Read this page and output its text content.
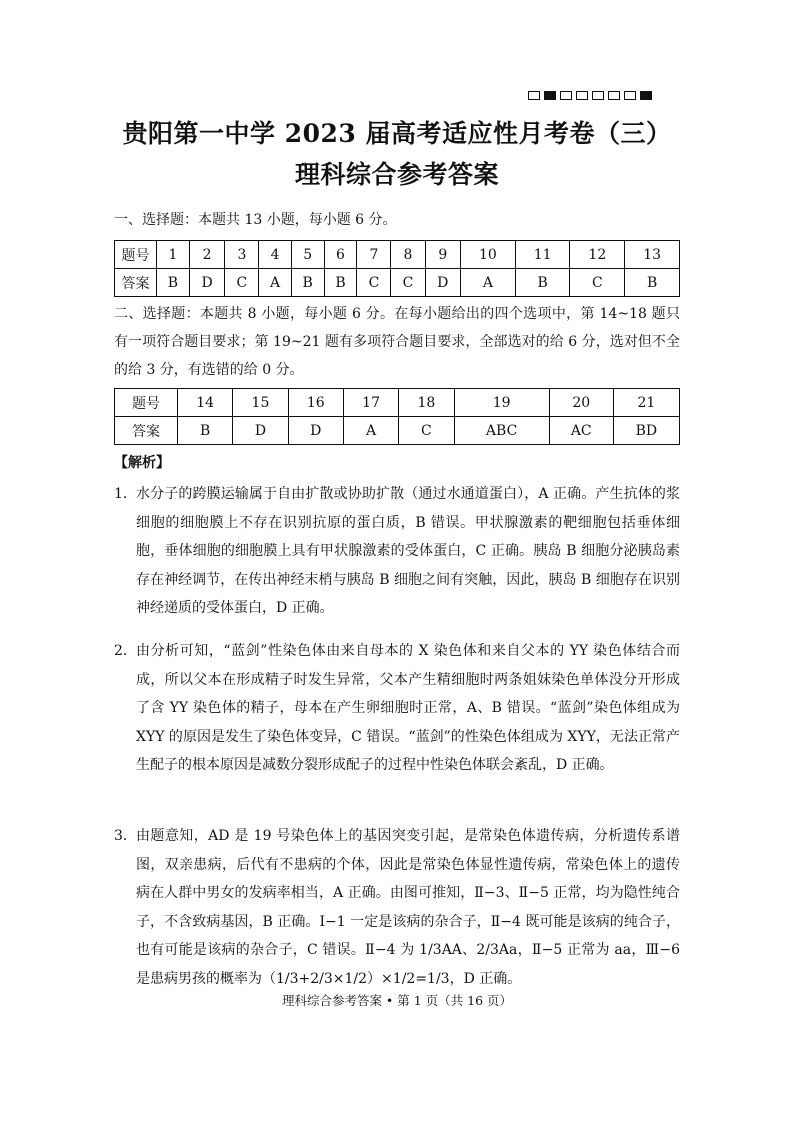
贵阳第一中学 2023 届高考适应性月考卷（三）
理科综合参考答案
一、选择题：本题共 13 小题，每小题 6 分。
题号	1	2	3	4	5	6	7	8	9	10	11	12	13
答案	B	D	C	A	B	B	C	C	D	A	B	C	B
二、选择题：本题共 8 小题，每小题 6 分。在每小题给出的四个选项中，第 14~18 题只有一项符合题目要求；第 19~21 题有多项符合题目要求，全部选对的给 6 分，选对但不全的给 3 分，有选错的给 0 分。
题号	14	15	16	17	18	19	20	21
答案	B	D	D	A	C	ABC	AC	BD
【解析】
1． 水分子的跨膜运输属于自由扩散或协助扩散（通过水通道蛋白），A 正确。产生抗体的浆细胞的细胞膜上不存在识别抗原的蛋白质，B 错误。甲状腺激素的靶细胞包括垂体细胞，垂体细胞的细胞膜上具有甲状腺激素的受体蛋白，C 正确。胰岛 B 细胞分泌胰岛素存在神经调节，在传出神经末梢与胰岛 B 细胞之间有突触，因此，胰岛 B 细胞存在识别神经递质的受体蛋白，D 正确。
2． 由分析可知，“蓝剑”性染色体由来自母本的 X 染色体和来自父本的 YY 染色体结合而成，所以父本在形成精子时发生异常，父本产生精细胞时两条姐妹染色单体没分开形成了含 YY 染色体的精子，母本在产生卵细胞时正常，A、B 错误。“蓝剑”染色体组成为 XYY 的原因是发生了染色体变异，C 错误。“蓝剑”的性染色体组成为 XYY，无法正常产生配子的根本原因是减数分裂形成配子的过程中性染色体联会紊乱，D 正确。
3． 由题意知，AD 是 19 号染色体上的基因突变引起，是常染色体遗传病，分析遗传系谱图，双亲患病，后代有不患病的个体，因此是常染色体显性遗传病，常染色体上的遗传病在人群中男女的发病率相当，A 正确。由图可推知，Ⅱ−3、Ⅱ−5 正常，均为隐性纯合子，不含致病基因，B 正确。Ⅰ−1 一定是该病的杂合子，Ⅱ−4 既可能是该病的纯合子，也有可能是该病的杂合子，C 错误。Ⅱ−4 为 1/3AA、2/3Aa，Ⅱ−5 正常为 aa，Ⅲ−6 是患病男孩的概率为（1/3+2/3×1/2）×1/2=1/3，D 正确。
理科综合参考答案 • 第 1 页（共 16 页）
